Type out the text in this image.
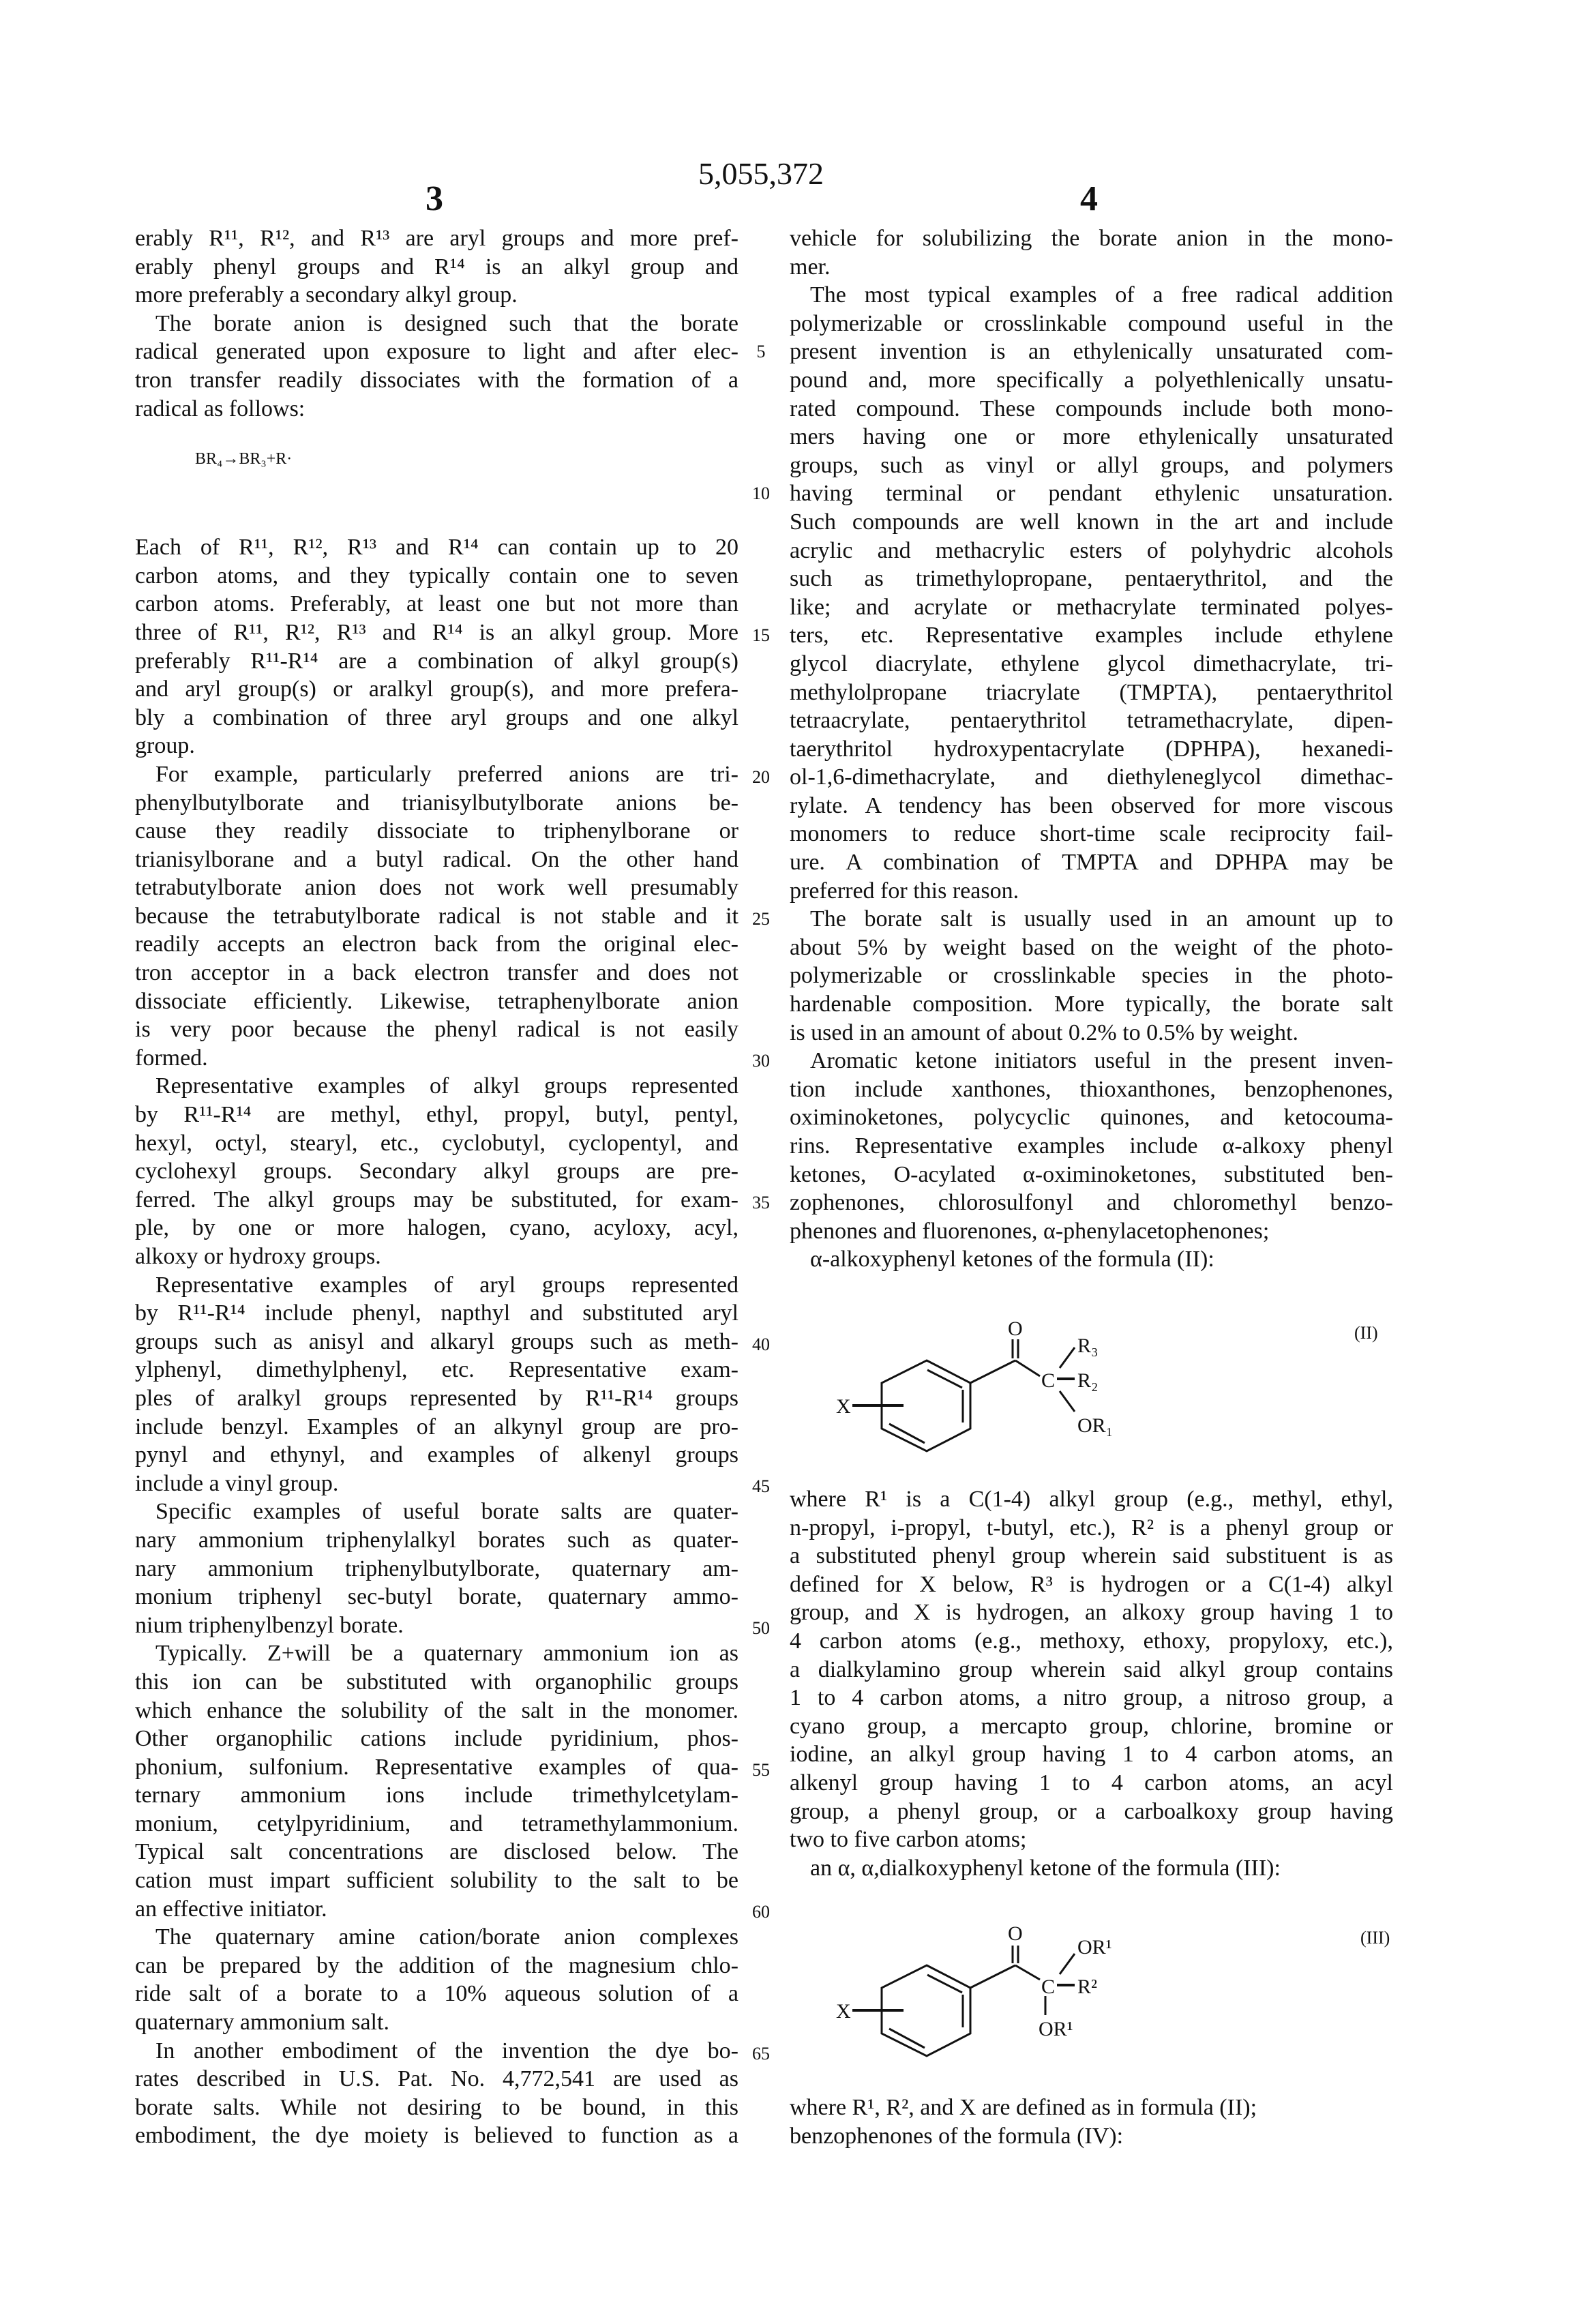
5,055,372
3	4
erably R¹¹, R¹², and R¹³ are aryl groups and more pref-
erably phenyl groups and R¹⁴ is an alkyl group and
more preferably a secondary alkyl group.
The borate anion is designed such that the borate
radical generated upon exposure to light and after elec-
tron transfer readily dissociates with the formation of a
radical as follows:
BR₄→BR₃+R·
Each of R¹¹, R¹², R¹³ and R¹⁴ can contain up to 20
carbon atoms, and they typically contain one to seven
carbon atoms. Preferably, at least one but not more than
three of R¹¹, R¹², R¹³ and R¹⁴ is an alkyl group. More
preferably R¹¹-R¹⁴ are a combination of alkyl group(s)
and aryl group(s) or aralkyl group(s), and more prefera-
bly a combination of three aryl groups and one alkyl
group.
For example, particularly preferred anions are tri-
phenylbutylborate and trianisylbutylborate anions be-
cause they readily dissociate to triphenylborane or
trianisylborane and a butyl radical. On the other hand
tetrabutylborate anion does not work well presumably
because the tetrabutylborate radical is not stable and it
readily accepts an electron back from the original elec-
tron acceptor in a back electron transfer and does not
dissociate efficiently. Likewise, tetraphenylborate anion
is very poor because the phenyl radical is not easily
formed.
Representative examples of alkyl groups represented
by R¹¹-R¹⁴ are methyl, ethyl, propyl, butyl, pentyl,
hexyl, octyl, stearyl, etc., cyclobutyl, cyclopentyl, and
cyclohexyl groups. Secondary alkyl groups are pre-
ferred. The alkyl groups may be substituted, for exam-
ple, by one or more halogen, cyano, acyloxy, acyl,
alkoxy or hydroxy groups.
Representative examples of aryl groups represented
by R¹¹-R¹⁴ include phenyl, napthyl and substituted aryl
groups such as anisyl and alkaryl groups such as meth-
ylphenyl, dimethylphenyl, etc. Representative exam-
ples of aralkyl groups represented by R¹¹-R¹⁴ groups
include benzyl. Examples of an alkynyl group are pro-
pynyl and ethynyl, and examples of alkenyl groups
include a vinyl group.
Specific examples of useful borate salts are quater-
nary ammonium triphenylalkyl borates such as quater-
nary ammonium triphenylbutylborate, quaternary am-
monium triphenyl sec-butyl borate, quaternary ammo-
nium triphenylbenzyl borate.
Typically. Z+will be a quaternary ammonium ion as
this ion can be substituted with organophilic groups
which enhance the solubility of the salt in the monomer.
Other organophilic cations include pyridinium, phos-
phonium, sulfonium. Representative examples of qua-
ternary ammonium ions include trimethylcetylam-
monium, cetylpyridinium, and tetramethylammonium.
Typical salt concentrations are disclosed below. The
cation must impart sufficient solubility to the salt to be
an effective initiator.
The quaternary amine cation/borate anion complexes
can be prepared by the addition of the magnesium chlo-
ride salt of a borate to a 10% aqueous solution of a
quaternary ammonium salt.
In another embodiment of the invention the dye bo-
rates described in U.S. Pat. No. 4,772,541 are used as
borate salts. While not desiring to be bound, in this
embodiment, the dye moiety is believed to function as a
vehicle for solubilizing the borate anion in the mono-
mer.
The most typical examples of a free radical addition
polymerizable or crosslinkable compound useful in the
present invention is an ethylenically unsaturated com-
pound and, more specifically a polyethlenically unsatu-
rated compound. These compounds include both mono-
mers having one or more ethylenically unsaturated
groups, such as vinyl or allyl groups, and polymers
having terminal or pendant ethylenic unsaturation.
Such compounds are well known in the art and include
acrylic and methacrylic esters of polyhydric alcohols
such as trimethylopropane, pentaerythritol, and the
like; and acrylate or methacrylate terminated polyes-
ters, etc. Representative examples include ethylene
glycol diacrylate, ethylene glycol dimethacrylate, tri-
methylolpropane triacrylate (TMPTA), pentaerythritol
tetraacrylate, pentaerythritol tetramethacrylate, dipen-
taerythritol hydroxypentacrylate (DPHPA), hexanedi-
ol-1,6-dimethacrylate, and diethyleneglycol dimethac-
rylate. A tendency has been observed for more viscous
monomers to reduce short-time scale reciprocity fail-
ure. A combination of TMPTA and DPHPA may be
preferred for this reason.
The borate salt is usually used in an amount up to
about 5% by weight based on the weight of the photo-
polymerizable or crosslinkable species in the photo-
hardenable composition. More typically, the borate salt
is used in an amount of about 0.2% to 0.5% by weight.
Aromatic ketone initiators useful in the present inven-
tion include xanthones, thioxanthones, benzophenones,
oximinoketones, polycyclic quinones, and ketocouma-
rins. Representative examples include α-alkoxy phenyl
ketones, O-acylated α-oximinoketones, substituted ben-
zophenones, chlorosulfonyl and chloromethyl benzo-
phenones and fluorenones, α-phenylacetophenones;
α-alkoxyphenyl ketones of the formula (II):
O
C
R₃
R₂
OR₁
X
(II)
where R¹ is a C(1-4) alkyl group (e.g., methyl, ethyl,
n-propyl, i-propyl, t-butyl, etc.), R² is a phenyl group or
a substituted phenyl group wherein said substituent is as
defined for X below, R³ is hydrogen or a C(1-4) alkyl
group, and X is hydrogen, an alkoxy group having 1 to
4 carbon atoms (e.g., methoxy, ethoxy, propyloxy, etc.),
a dialkylamino group wherein said alkyl group contains
1 to 4 carbon atoms, a nitro group, a nitroso group, a
cyano group, a mercapto group, chlorine, bromine or
iodine, an alkyl group having 1 to 4 carbon atoms, an
alkenyl group having 1 to 4 carbon atoms, an acyl
group, a phenyl group, or a carboalkoxy group having
two to five carbon atoms;
an α, α,dialkoxyphenyl ketone of the formula (III):
O
C
OR¹
R²
OR¹
X
(III)
where R¹, R², and X are defined as in formula (II);
benzophenones of the formula (IV):
5
10
15
20
25
30
35
40
45
50
55
60
65
